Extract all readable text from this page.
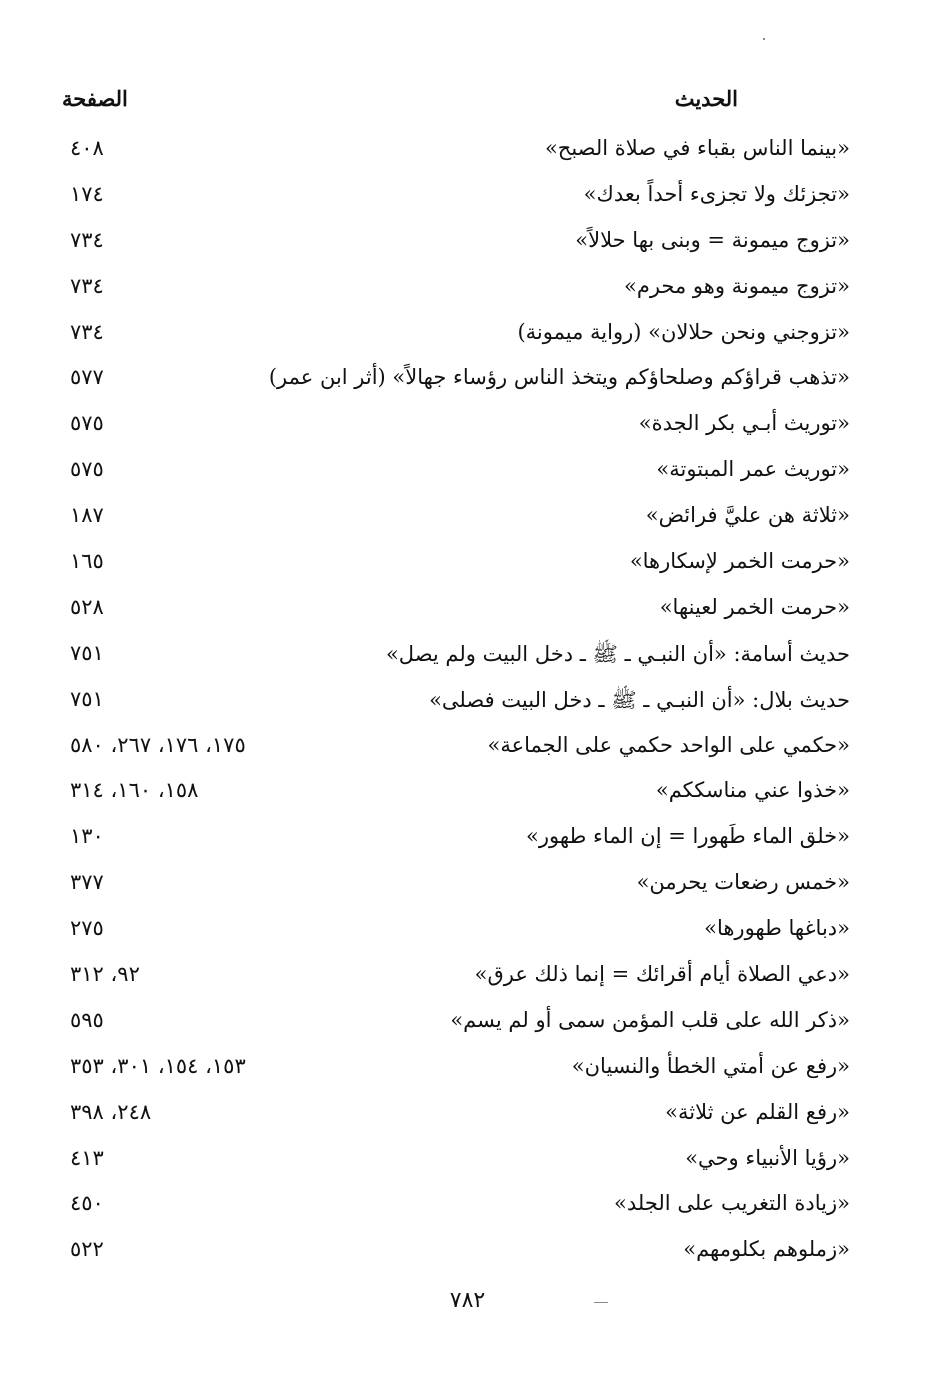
الحديث
الصفحة
«بينما الناس بقباء في صلاة الصبح»
٤٠٨
«تجزئك ولا تجزىء أحداً بعدك»
١٧٤
«تزوج ميمونة = وبنى بها حلالاً»
٧٣٤
«تزوج ميمونة وهو محرم»
٧٣٤
«تزوجني ونحن حلالان» (رواية ميمونة)
٧٣٤
«تذهب قراؤكم وصلحاؤكم ويتخذ الناس رؤساء جهالاً» (أثر ابن عمر)
٥٧٧
«توريث أبـي بكر الجدة»
٥٧٥
«توريث عمر المبتوتة»
٥٧٥
«ثلاثة هن عليَّ فرائض»
١٨٧
«حرمت الخمر لإسكارها»
١٦٥
«حرمت الخمر لعينها»
٥٢٨
حديث أسامة: «أن النبـي ـ ﷺ ـ دخل البيت ولم يصل»
٧٥١
حديث بلال: «أن النبـي ـ ﷺ ـ دخل البيت فصلى»
٧٥١
«حكمي على الواحد حكمي على الجماعة»
١٧٥، ١٧٦، ٢٦٧، ٥٨٠
«خذوا عني مناسككم»
١٥٨، ١٦٠، ٣١٤
«خلق الماء طَهورا = إن الماء طهور»
١٣٠
«خمس رضعات يحرمن»
٣٧٧
«دباغها طهورها»
٢٧٥
«دعي الصلاة أيام أقرائك = إنما ذلك عرق»
٩٢، ٣١٢
«ذكر الله على قلب المؤمن سمى أو لم يسم»
٥٩٥
«رفع عن أمتي الخطأ والنسيان»
١٥٣، ١٥٤، ٣٠١، ٣٥٣
«رفع القلم عن ثلاثة»
٢٤٨، ٣٩٨
«رؤيا الأنبياء وحي»
٤١٣
«زيادة التغريب على الجلد»
٤٥٠
«زملوهم بكلومهم»
٥٢٢
٧٨٢
